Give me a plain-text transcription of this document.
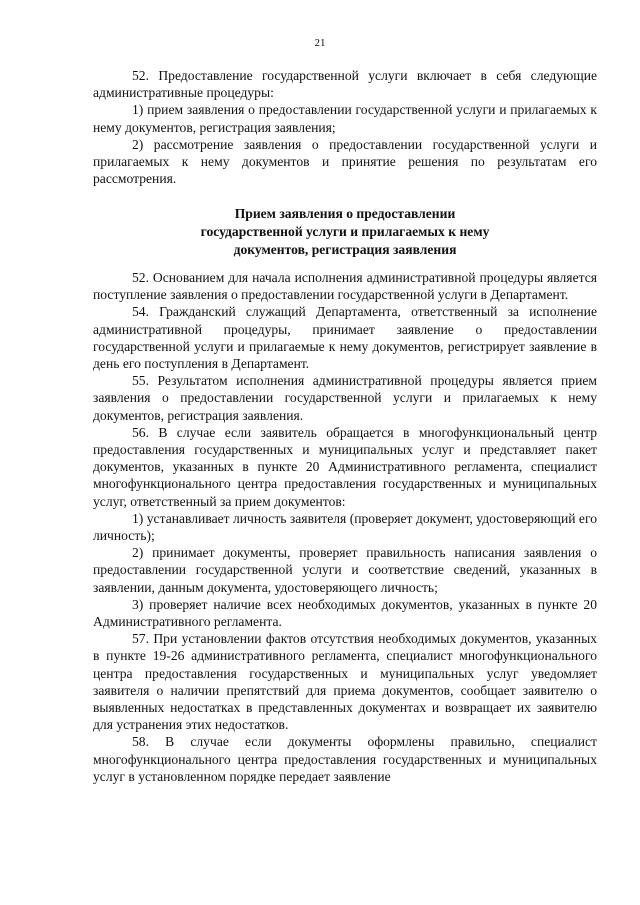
21

52. Предоставление государственной услуги включает в себя следующие административные процедуры:

1) прием заявления о предоставлении государственной услуги и прилагаемых к нему документов, регистрация заявления;

2) рассмотрение заявления о предоставлении государственной услуги и прилагаемых к нему документов и принятие решения по результатам его рассмотрения.

Прием заявления о предоставлении
государственной услуги и прилагаемых к нему
документов, регистрация заявления

52. Основанием для начала исполнения административной процедуры является поступление заявления о предоставлении государственной услуги в Департамент.

54. Гражданский служащий Департамента, ответственный за исполнение административной процедуры, принимает заявление о предоставлении государственной услуги и прилагаемые к нему документов, регистрирует заявление в день его поступления в Департамент.

55. Результатом исполнения административной процедуры является прием заявления о предоставлении государственной услуги и прилагаемых к нему документов, регистрация заявления.

56. В случае если заявитель обращается в многофункциональный центр предоставления государственных и муниципальных услуг и представляет пакет документов, указанных в пункте 20 Административного регламента, специалист многофункционального центра предоставления государственных и муниципальных услуг, ответственный за прием документов:

1) устанавливает личность заявителя (проверяет документ, удостоверяющий его личность);

2) принимает документы, проверяет правильность написания заявления о предоставлении государственной услуги и соответствие сведений, указанных в заявлении, данным документа, удостоверяющего личность;

3) проверяет наличие всех необходимых документов, указанных в пункте 20 Административного регламента.

57. При установлении фактов отсутствия необходимых документов, указанных в пункте 19-26 административного регламента, специалист многофункционального центра предоставления государственных и муниципальных услуг уведомляет заявителя о наличии препятствий для приема документов, сообщает заявителю о выявленных недостатках в представленных документах и возвращает их заявителю для устранения этих недостатков.

58. В случае если документы оформлены правильно, специалист многофункционального центра предоставления государственных и муниципальных услуг в установленном порядке передает заявление
